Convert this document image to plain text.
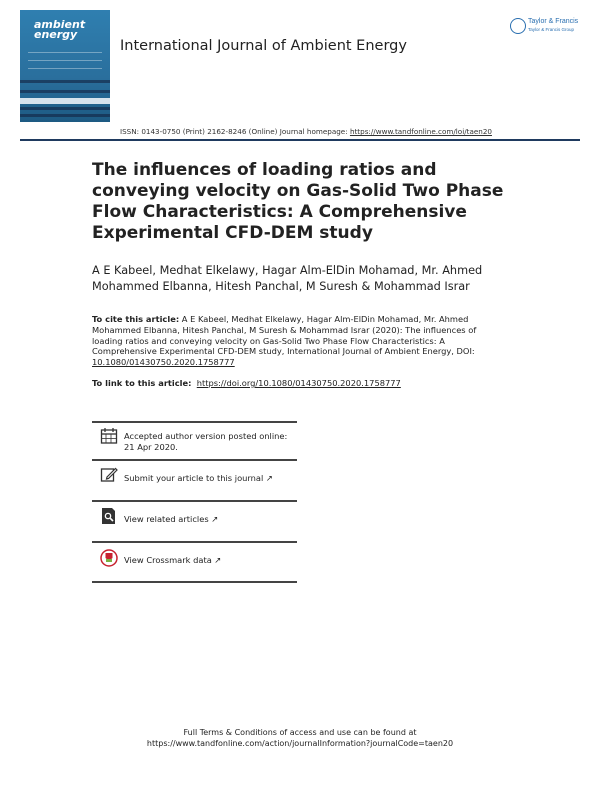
ambient
energy
International Journal of Ambient Energy
Taylor & Francis
Taylor & Francis Group
ISSN: 0143-0750 (Print) 2162-8246 (Online) Journal homepage: https://www.tandfonline.com/loi/taen20
The influences of loading ratios and conveying velocity on Gas-Solid Two Phase Flow Characteristics: A Comprehensive Experimental CFD-DEM study
A E Kabeel, Medhat Elkelawy, Hagar Alm-ElDin Mohamad, Mr. Ahmed Mohammed Elbanna, Hitesh Panchal, M Suresh & Mohammad Israr
To cite this article: A E Kabeel, Medhat Elkelawy, Hagar Alm-ElDin Mohamad, Mr. Ahmed Mohammed Elbanna, Hitesh Panchal, M Suresh & Mohammad Israr (2020): The influences of loading ratios and conveying velocity on Gas-Solid Two Phase Flow Characteristics: A Comprehensive Experimental CFD-DEM study, International Journal of Ambient Energy, DOI: 10.1080/01430750.2020.1758777
To link to this article: https://doi.org/10.1080/01430750.2020.1758777
Accepted author version posted online: 21 Apr 2020.
Submit your article to this journal ↗
View related articles ↗
View Crossmark data ↗
Full Terms & Conditions of access and use can be found at
https://www.tandfonline.com/action/journalInformation?journalCode=taen20
